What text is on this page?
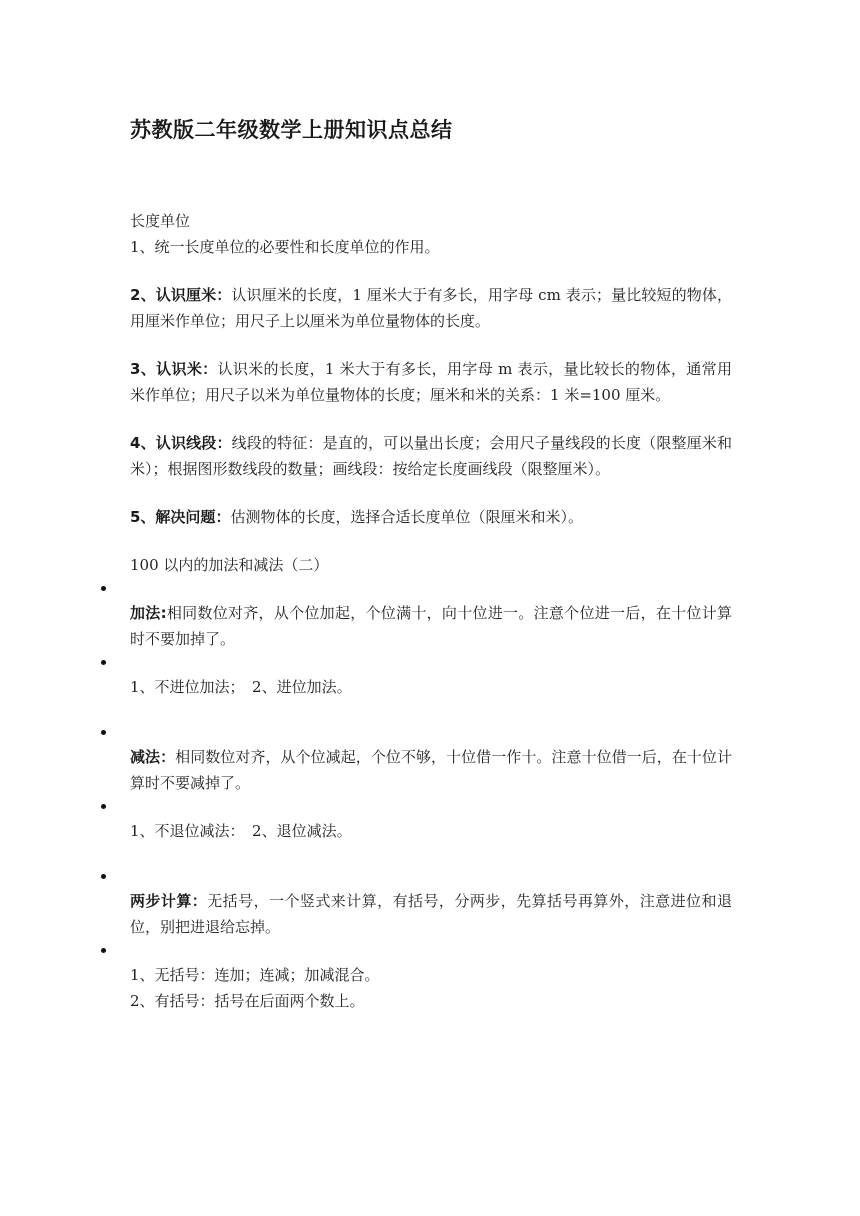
苏教版二年级数学上册知识点总结

长度单位

1、统一长度单位的必要性和长度单位的作用。

2、认识厘米：认识厘米的长度，1 厘米大于有多长，用字母 cm 表示；量比较短的物体，用厘米作单位；用尺子上以厘米为单位量物体的长度。

3、认识米：认识米的长度，1 米大于有多长，用字母 m 表示，量比较长的物体，通常用米作单位；用尺子以米为单位量物体的长度；厘米和米的关系：1 米=100 厘米。

4、认识线段：线段的特征：是直的，可以量出长度；会用尺子量线段的长度（限整厘米和米）；根据图形数线段的数量；画线段：按给定长度画线段（限整厘米）。

5、解决问题：估测物体的长度，选择合适长度单位（限厘米和米）。

100 以内的加法和减法（二）

加法:相同数位对齐，从个位加起，个位满十，向十位进一。注意个位进一后，在十位计算时不要加掉了。

1、不进位加法；　2、进位加法。

减法：相同数位对齐，从个位减起，个位不够，十位借一作十。注意十位借一后，在十位计算时不要减掉了。

1、不退位减法：　2、退位减法。

两步计算：无括号，一个竖式来计算，有括号，分两步，先算括号再算外，注意进位和退位，别把进退给忘掉。

1、无括号：连加；连减；加减混合。

2、有括号：括号在后面两个数上。
